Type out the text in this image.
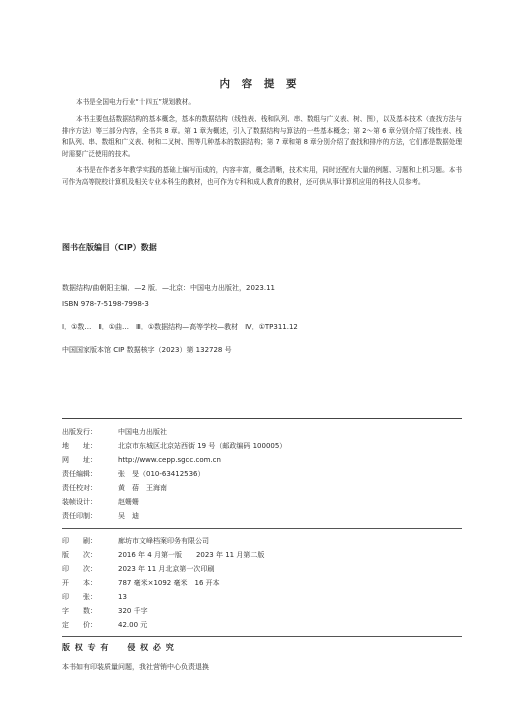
内 容 提 要
本书是全国电力行业“十四五”规划教材。
本书主要包括数据结构的基本概念，基本的数据结构（线性表、栈和队列、串、数组与广义表、树、图），以及基本技术（查找方法与排序方法）等三部分内容，全书共 8 章。第 1 章为概述，引入了数据结构与算法的一些基本概念；第 2～第 6 章分别介绍了线性表、栈和队列、串、数组和广义表、树和二叉树、图等几种基本的数据结构；第 7 章和第 8 章分别介绍了查找和排序的方法，它们都是数据处理时需要广泛使用的技术。
本书是在作者多年教学实践的基础上编写而成的，内容丰富，概念清晰，技术实用，同时还配有大量的例题、习题和上机习题。本书可作为高等院校计算机及相关专业本科生的教材，也可作为专科和成人教育的教材，还可供从事计算机应用的科技人员参考。
图书在版编目（CIP）数据
数据结构/曲朝阳主编．—2 版．—北京：中国电力出版社，2023.11
ISBN 978-7-5198-7998-3
Ⅰ．①数…　Ⅱ．①曲…　Ⅲ．①数据结构—高等学校—教材　Ⅳ．①TP311.12
中国国家版本馆 CIP 数据核字（2023）第 132728 号
出版发行：	中国电力出版社
地　　址：	北京市东城区北京站西街 19 号（邮政编码 100005）
网　　址：	http://www.cepp.sgcc.com.cn
责任编辑：	张　旻（010-63412536）
责任校对：	黄　蓓　王海南
装帧设计：	赵姗姗
责任印制：	吴　迪
印　　刷：	廊坊市文峰档案印务有限公司
版　　次：	2016 年 4 月第一版　　2023 年 11 月第二版
印　　次：	2023 年 11 月北京第一次印刷
开　　本：	787 毫米×1092 毫米　16 开本
印　　张：	13
字　　数：	320 千字
定　　价：	42.00 元
版 权 专 有　　侵 权 必 究
本书如有印装质量问题，我社营销中心负责退换
